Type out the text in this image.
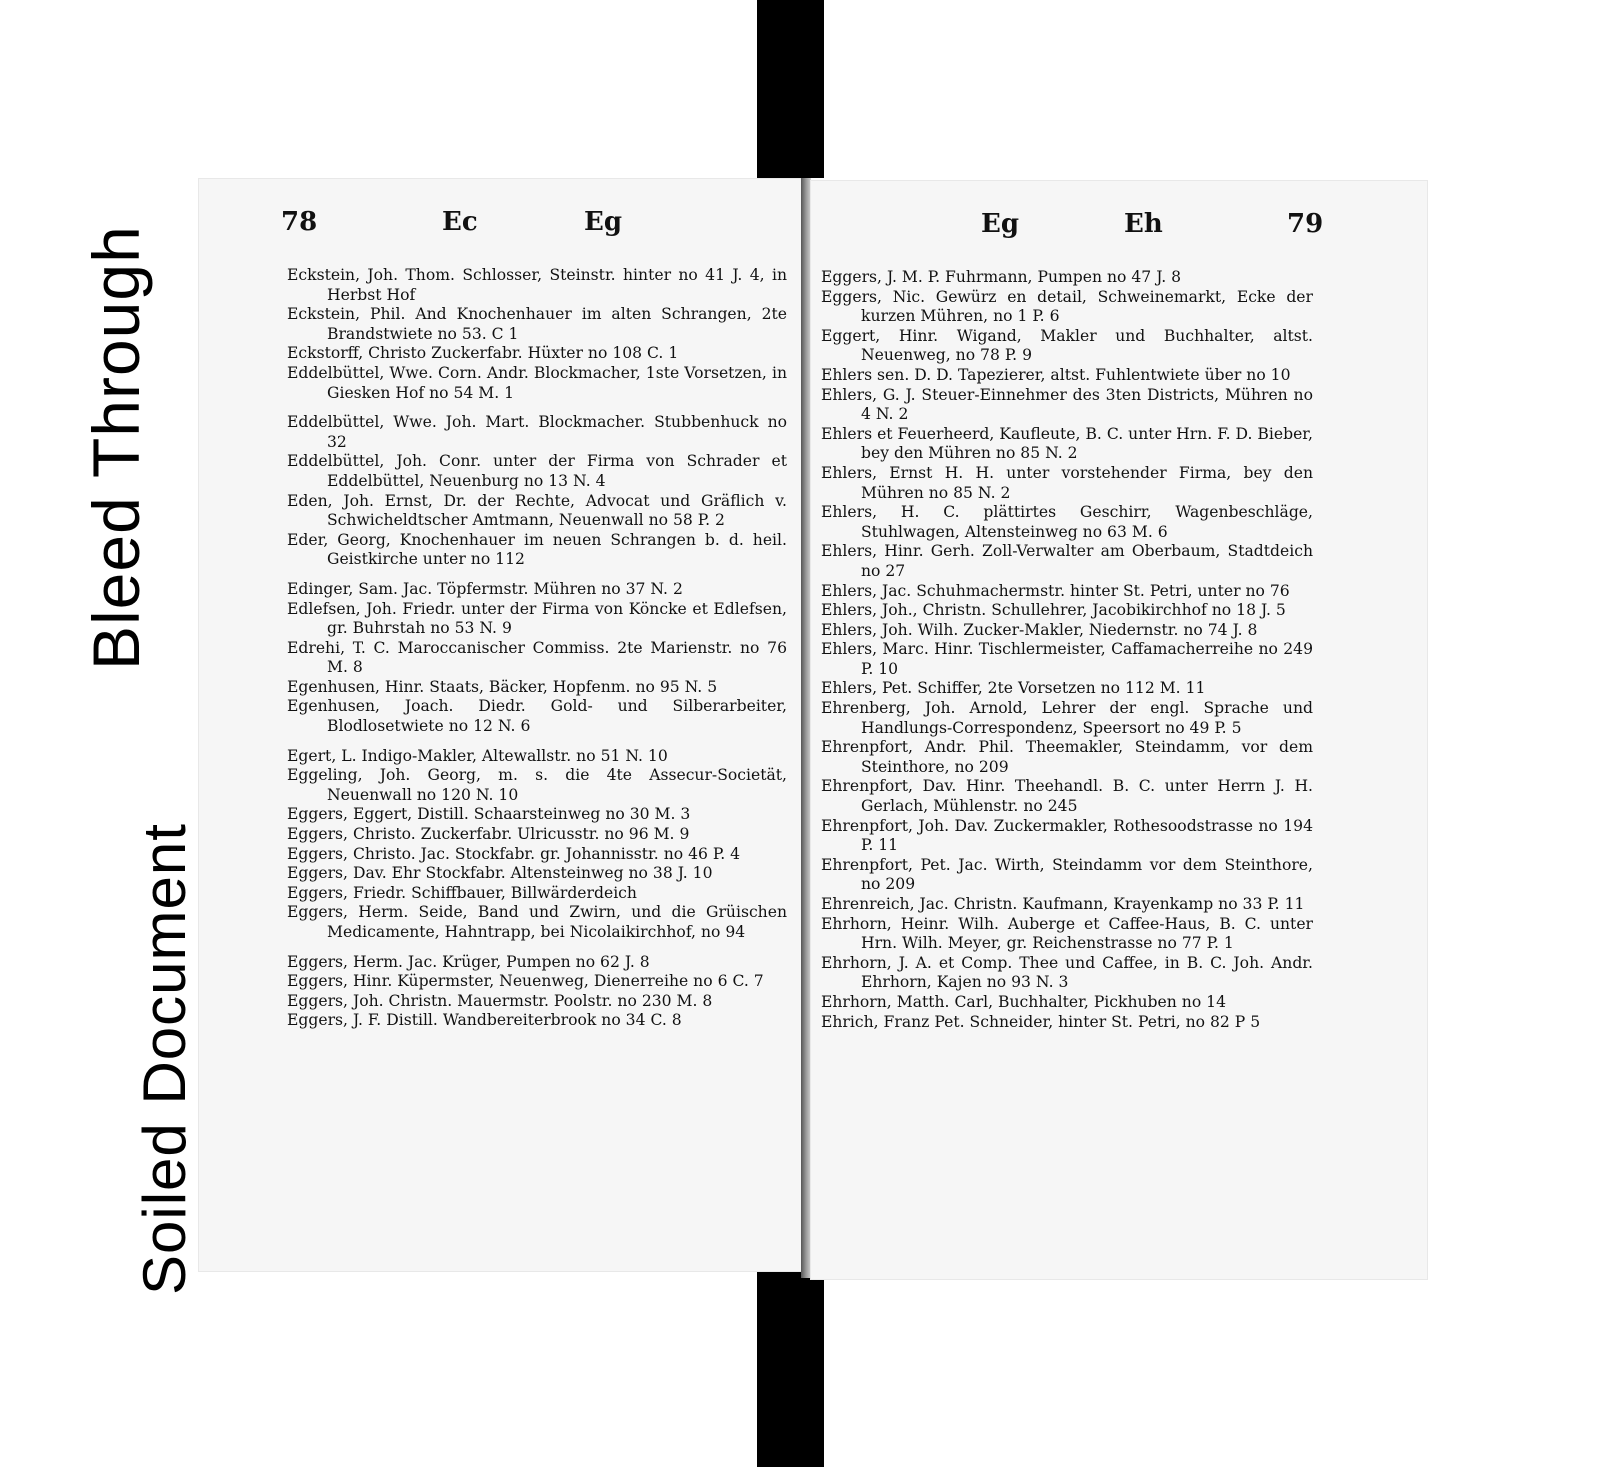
Bleed Through
Soiled Document
78	Ec	Eg

Eckstein, Joh. Thom. Schlosser, Steinstr. hinter no 41 J. 4, in Herbst Hof

Eckstein, Phil. And Knochenhauer im alten Schrangen, 2te Brandstwiete no 53. C 1

Eckstorff, Christo Zuckerfabr. Hüxter no 108 C. 1

Eddelbüttel, Wwe. Corn. Andr. Blockmacher, 1ste Vorsetzen, in Giesken Hof no 54 M. 1

Eddelbüttel, Wwe. Joh. Mart. Blockmacher. Stubbenhuck no 32

Eddelbüttel, Joh. Conr. unter der Firma von Schrader et Eddelbüttel, Neuenburg no 13 N. 4

Eden, Joh. Ernst, Dr. der Rechte, Advocat und Gräflich v. Schwicheldtscher Amtmann, Neuenwall no 58 P. 2

Eder, Georg, Knochenhauer im neuen Schrangen b. d. heil. Geistkirche unter no 112

Edinger, Sam. Jac. Töpfermstr. Mühren no 37 N. 2

Edlefsen, Joh. Friedr. unter der Firma von Köncke et Edlefsen, gr. Buhrstah no 53 N. 9

Edrehi, T. C. Maroccanischer Commiss. 2te Marienstr. no 76 M. 8

Egenhusen, Hinr. Staats, Bäcker, Hopfenm. no 95 N. 5

Egenhusen, Joach. Diedr. Gold- und Silberarbeiter, Blodlosetwiete no 12 N. 6

Egert, L. Indigo-Makler, Altewallstr. no 51 N. 10

Eggeling, Joh. Georg, m. s. die 4te Assecur-Societät, Neuenwall no 120 N. 10

Eggers, Eggert, Distill. Schaarsteinweg no 30 M. 3

Eggers, Christo. Zuckerfabr. Ulricusstr. no 96 M. 9

Eggers, Christo. Jac. Stockfabr. gr. Johannisstr. no 46 P. 4

Eggers, Dav. Ehr Stockfabr. Altensteinweg no 38 J. 10

Eggers, Friedr. Schiffbauer, Billwärderdeich

Eggers, Herm. Seide, Band und Zwirn, und die Grüischen Medicamente, Hahntrapp, bei Nicolaikirchhof, no 94

Eggers, Herm. Jac. Krüger, Pumpen no 62 J. 8

Eggers, Hinr. Küpermster, Neuenweg, Dienerreihe no 6 C. 7

Eggers, Joh. Christn. Mauermstr. Poolstr. no 230 M. 8

Eggers, J. F. Distill. Wandbereiterbrook no 34 C. 8

Eg	Eh	79

Eggers, J. M. P. Fuhrmann, Pumpen no 47 J. 8

Eggers, Nic. Gewürz en detail, Schweinemarkt, Ecke der kurzen Mühren, no 1 P. 6

Eggert, Hinr. Wigand, Makler und Buchhalter, altst. Neuenweg, no 78 P. 9

Ehlers sen. D. D. Tapezierer, altst. Fuhlentwiete über no 10

Ehlers, G. J. Steuer-Einnehmer des 3ten Districts, Mühren no 4 N. 2

Ehlers et Feuerheerd, Kaufleute, B. C. unter Hrn. F. D. Bieber, bey den Mühren no 85 N. 2

Ehlers, Ernst H. H. unter vorstehender Firma, bey den Mühren no 85 N. 2

Ehlers, H. C. plättirtes Geschirr, Wagenbeschläge, Stuhlwagen, Altensteinweg no 63 M. 6

Ehlers, Hinr. Gerh. Zoll-Verwalter am Oberbaum, Stadtdeich no 27

Ehlers, Jac. Schuhmachermstr. hinter St. Petri, unter no 76

Ehlers, Joh., Christn. Schullehrer, Jacobikirchhof no 18 J. 5

Ehlers, Joh. Wilh. Zucker-Makler, Niedernstr. no 74 J. 8

Ehlers, Marc. Hinr. Tischlermeister, Caffamacherreihe no 249 P. 10

Ehlers, Pet. Schiffer, 2te Vorsetzen no 112 M. 11

Ehrenberg, Joh. Arnold, Lehrer der engl. Sprache und Handlungs-Correspondenz, Speersort no 49 P. 5

Ehrenpfort, Andr. Phil. Theemakler, Steindamm, vor dem Steinthore, no 209

Ehrenpfort, Dav. Hinr. Theehandl. B. C. unter Herrn J. H. Gerlach, Mühlenstr. no 245

Ehrenpfort, Joh. Dav. Zuckermakler, Rothesoodstrasse no 194 P. 11

Ehrenpfort, Pet. Jac. Wirth, Steindamm vor dem Steinthore, no 209

Ehrenreich, Jac. Christn. Kaufmann, Krayenkamp no 33 P. 11

Ehrhorn, Heinr. Wilh. Auberge et Caffee-Haus, B. C. unter Hrn. Wilh. Meyer, gr. Reichenstrasse no 77 P. 1

Ehrhorn, J. A. et Comp. Thee und Caffee, in B. C. Joh. Andr. Ehrhorn, Kajen no 93 N. 3

Ehrhorn, Matth. Carl, Buchhalter, Pickhuben no 14

Ehrich, Franz Pet. Schneider, hinter St. Petri, no 82 P 5
